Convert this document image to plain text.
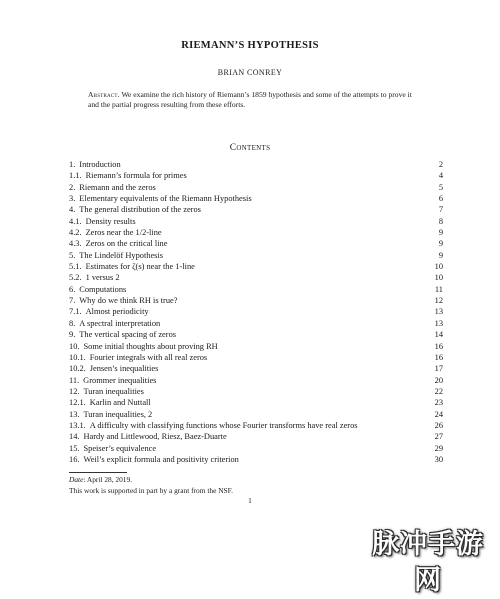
RIEMANN’S HYPOTHESIS
BRIAN CONREY
Abstract. We examine the rich history of Riemann’s 1859 hypothesis and some of the attempts to prove it and the partial progress resulting from these efforts.
Contents
1. Introduction	2
1.1. Riemann’s formula for primes	4
2. Riemann and the zeros	5
3. Elementary equivalents of the Riemann Hypothesis	6
4. The general distribution of the zeros	7
4.1. Density results	8
4.2. Zeros near the 1/2-line	9
4.3. Zeros on the critical line	9
5. The Lindelöf Hypothesis	9
5.1. Estimates for ζ(s) near the 1-line	10
5.2. 1 versus 2	10
6. Computations	11
7. Why do we think RH is true?	12
7.1. Almost periodicity	13
8. A spectral interpretation	13
9. The vertical spacing of zeros	14
10. Some initial thoughts about proving RH	16
10.1. Fourier integrals with all real zeros	16
10.2. Jensen’s inequalities	17
11. Grommer inequalities	20
12. Turan inequalities	22
12.1. Karlin and Nuttall	23
13. Turan inequalities, 2	24
13.1. A difficulty with classifying functions whose Fourier transforms have real zeros	26
14. Hardy and Littlewood, Riesz, Baez-Duarte	27
15. Speiser’s equivalence	29
16. Weil’s explicit formula and positivity criterion	30
Date: April 28, 2019.
This work is supported in part by a grant from the NSF.
1
脉冲手游网
